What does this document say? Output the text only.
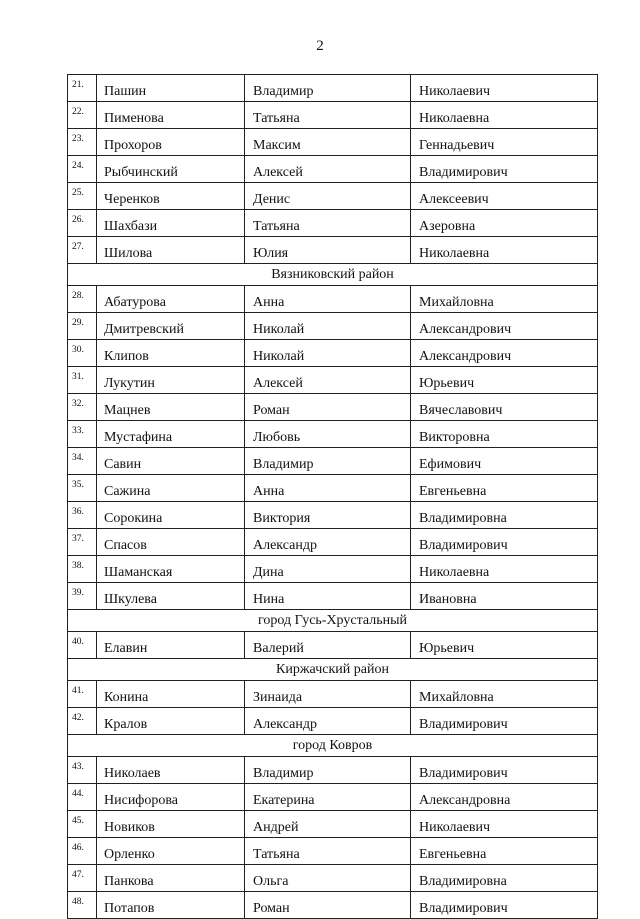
2
21.	Пашин	Владимир	Николаевич
22.	Пименова	Татьяна	Николаевна
23.	Прохоров	Максим	Геннадьевич
24.	Рыбчинский	Алексей	Владимирович
25.	Черенков	Денис	Алексеевич
26.	Шахбази	Татьяна	Азеровна
27.	Шилова	Юлия	Николаевна
Вязниковский район			
28.	Абатурова	Анна	Михайловна
29.	Дмитревский	Николай	Александрович
30.	Клипов	Николай	Александрович
31.	Лукутин	Алексей	Юрьевич
32.	Мацнев	Роман	Вячеславович
33.	Мустафина	Любовь	Викторовна
34.	Савин	Владимир	Ефимович
35.	Сажина	Анна	Евгеньевна
36.	Сорокина	Виктория	Владимировна
37.	Спасов	Александр	Владимирович
38.	Шаманская	Дина	Николаевна
39.	Шкулева	Нина	Ивановна
город Гусь-Хрустальный			
40.	Елавин	Валерий	Юрьевич
Киржачский район			
41.	Конина	Зинаида	Михайловна
42.	Кралов	Александр	Владимирович
город Ковров			
43.	Николаев	Владимир	Владимирович
44.	Нисифорова	Екатерина	Александровна
45.	Новиков	Андрей	Николаевич
46.	Орленко	Татьяна	Евгеньевна
47.	Панкова	Ольга	Владимировна
48.	Потапов	Роман	Владимирович
